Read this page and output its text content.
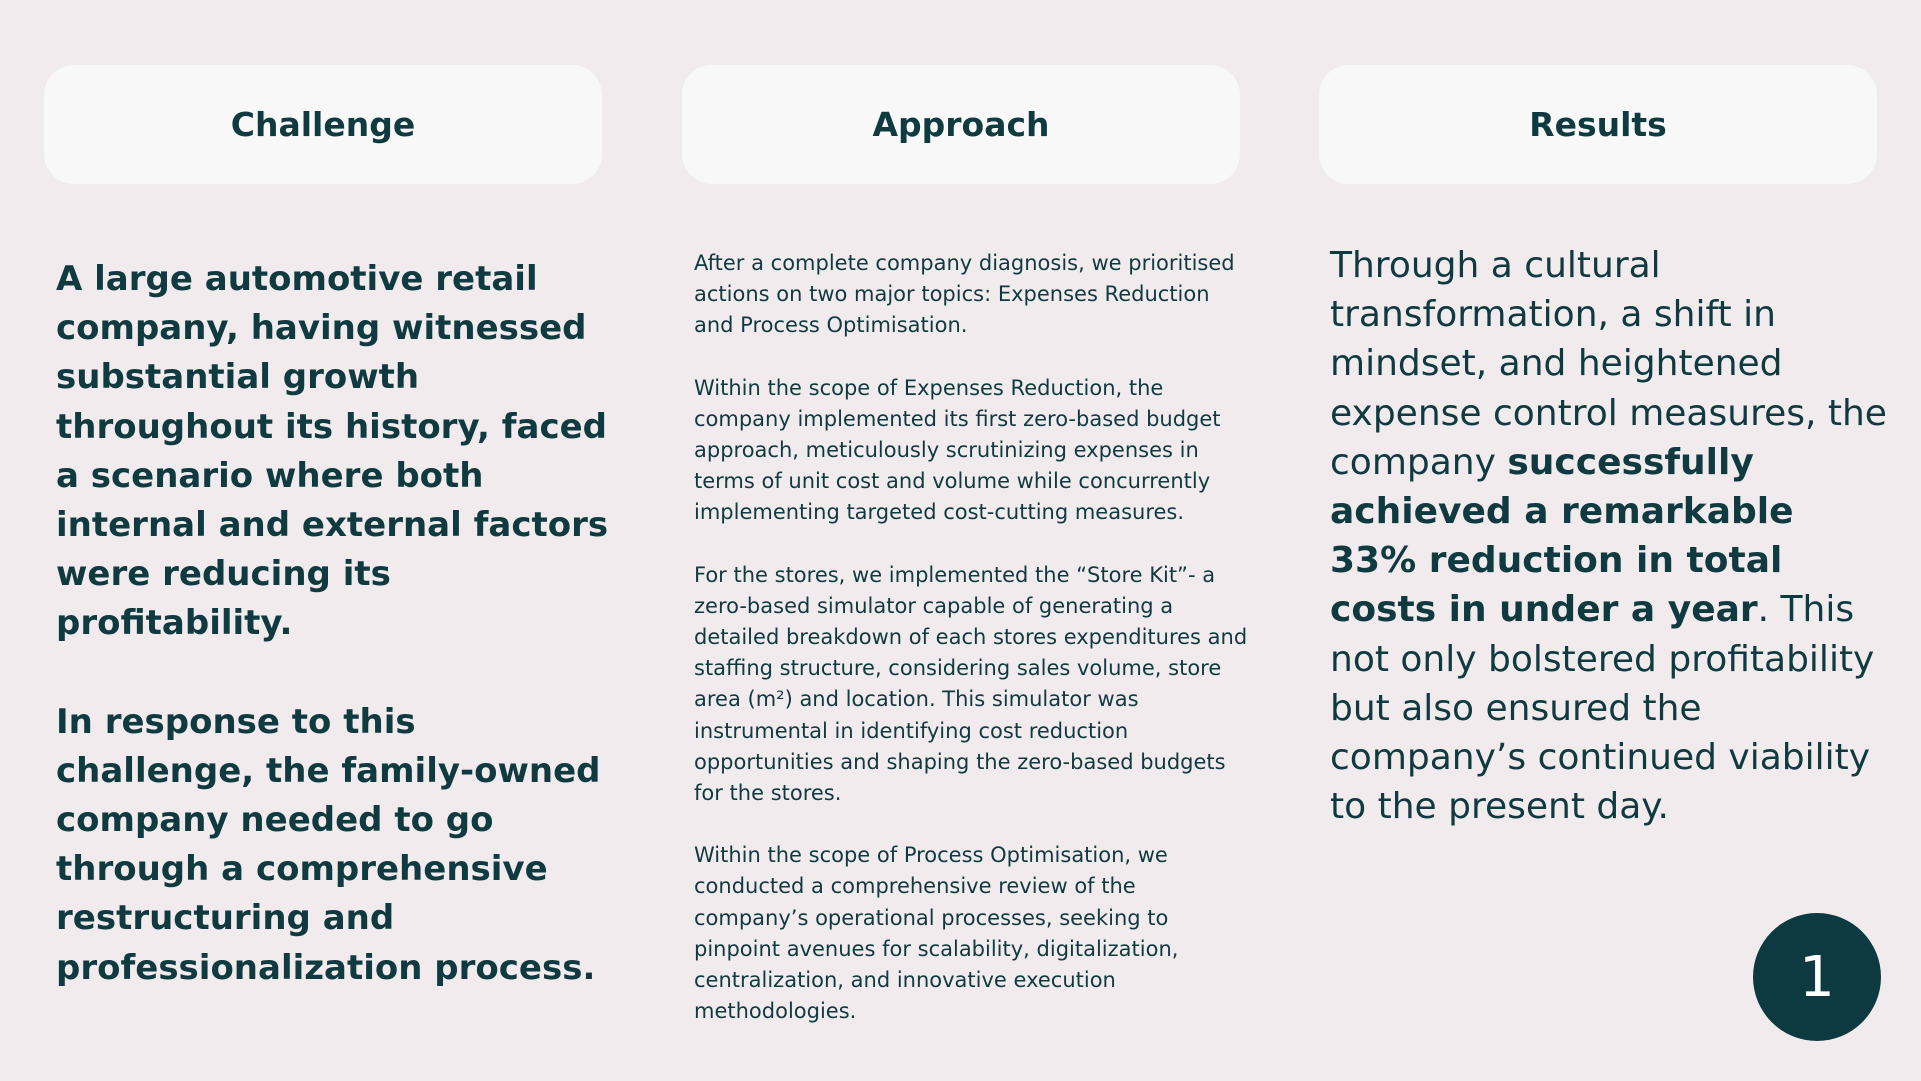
Challenge	Approach	Results

A large automotive retail company, having witnessed substantial growth throughout its history, faced a scenario where both internal and external factors were reducing its profitability.

In response to this challenge, the family-owned company needed to go through a comprehensive restructuring and professionalization process.

After a complete company diagnosis, we prioritised actions on two major topics: Expenses Reduction and Process Optimisation.

Within the scope of Expenses Reduction, the company implemented its first zero-based budget approach, meticulously scrutinizing expenses in terms of unit cost and volume while concurrently implementing targeted cost-cutting measures.

For the stores, we implemented the “Store Kit”- a zero-based simulator capable of generating a detailed breakdown of each stores expenditures and staffing structure, considering sales volume, store area (m²) and location. This simulator was instrumental in identifying cost reduction opportunities and shaping the zero-based budgets for the stores.

Within the scope of Process Optimisation, we conducted a comprehensive review of the company’s operational processes, seeking to pinpoint avenues for scalability, digitalization, centralization, and innovative execution methodologies.

Through a cultural transformation, a shift in mindset, and heightened expense control measures, the company successfully achieved a remarkable 33% reduction in total costs in under a year. This not only bolstered profitability but also ensured the company’s continued viability to the present day.

1
